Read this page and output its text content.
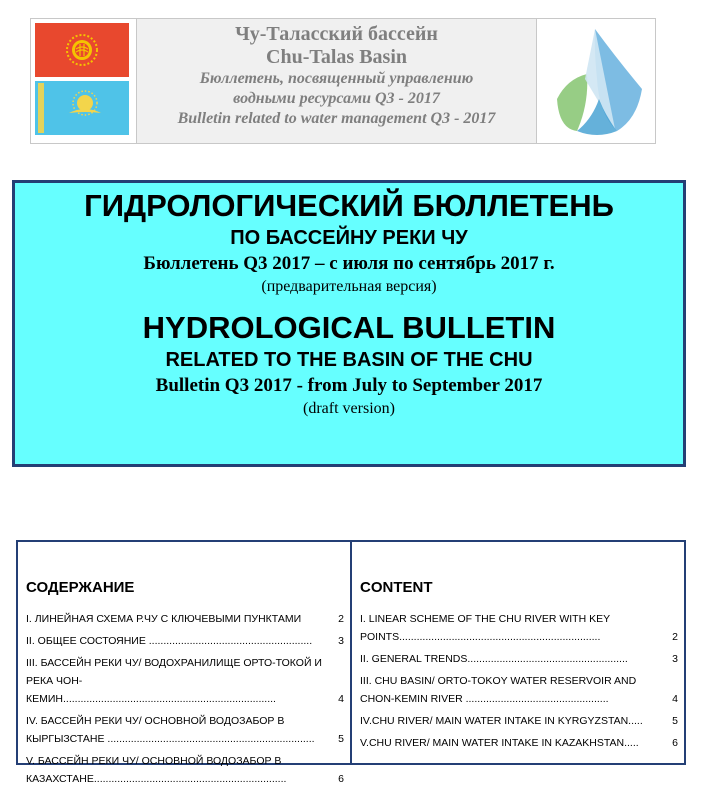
Чу-Таласский бассейн
Chu-Talas Basin
Бюллетень, посвященный управлению
водными ресурсами Q3 - 2017
Bulletin related to water management Q3 - 2017
ГИДРОЛОГИЧЕСКИЙ БЮЛЛЕТЕНЬ
ПО БАССЕЙНУ РЕКИ ЧУ
Бюллетень Q3 2017 – с июля по сентябрь 2017 г.
(предварительная версия)
HYDROLOGICAL BULLETIN
RELATED TO THE BASIN OF THE CHU
Bulletin Q3 2017 - from July to September 2017
(draft version)
СОДЕРЖАНИЕ
I. ЛИНЕЙНАЯ СХЕМА Р.ЧУ С КЛЮЧЕВЫМИ ПУНКТАМИ	2
II. ОБЩЕЕ СОСТОЯНИЕ ........................................................	3
III. БАССЕЙН РЕКИ ЧУ/ ВОДОХРАНИЛИЩЕ ОРТО-ТОКОЙ И РЕКА ЧОН-КЕМИН.........................................................................	4
IV. БАССЕЙН РЕКИ ЧУ/ ОСНОВНОЙ ВОДОЗАБОР В КЫРГЫЗСТАНЕ .......................................................................	5
V. БАССЕЙН РЕКИ ЧУ/ ОСНОВНОЙ ВОДОЗАБОР В КАЗАХСТАНЕ..................................................................	6
CONTENT
I. LINEAR SCHEME OF THE CHU RIVER WITH KEY POINTS.....................................................................	2
II. GENERAL TRENDS.......................................................	3
III. CHU BASIN/ ORTO-TOKOY WATER RESERVOIR AND CHON-KEMIN RIVER .................................................	4
IV.CHU RIVER/ MAIN WATER INTAKE IN KYRGYZSTAN.....	5
V.CHU RIVER/ MAIN WATER INTAKE IN KAZAKHSTAN.....	6
